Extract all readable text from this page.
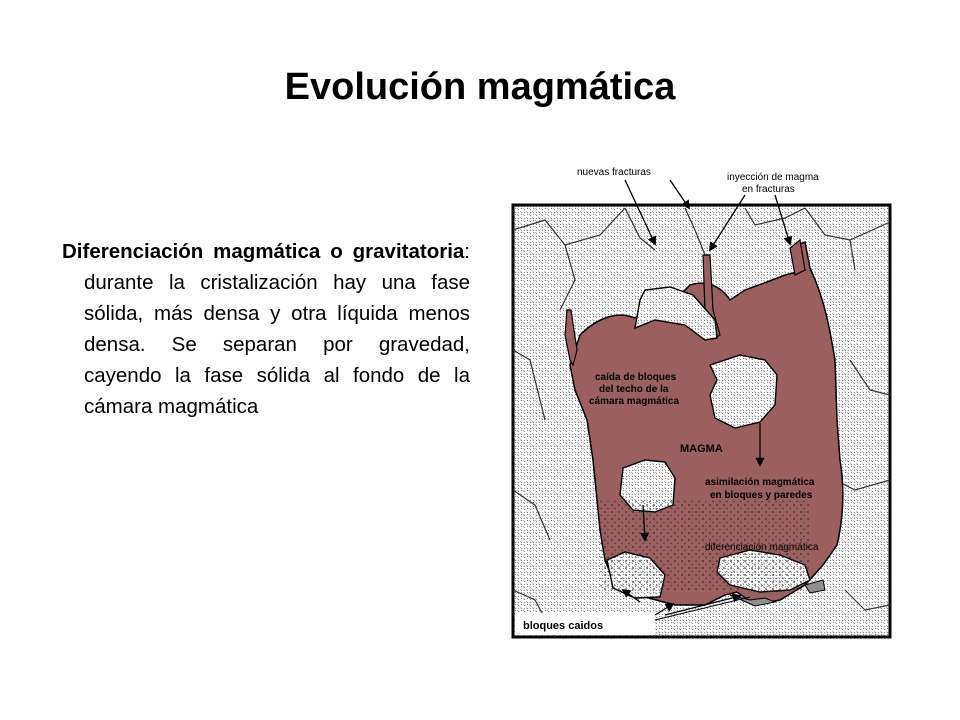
Evolución magmática
Diferenciación magmática o gravitatoria: durante la cristalización hay una fase sólida, más densa y otra líquida menos densa. Se separan por gravedad, cayendo la fase sólida al fondo de la cámara magmática
nuevas fracturas	inyección de magma
en fracturas
caída de bloques
del techo de la
cámara magmática
MAGMA
asimilación magmática
en bloques y paredes
diferenciación magmática
bloques caidos
